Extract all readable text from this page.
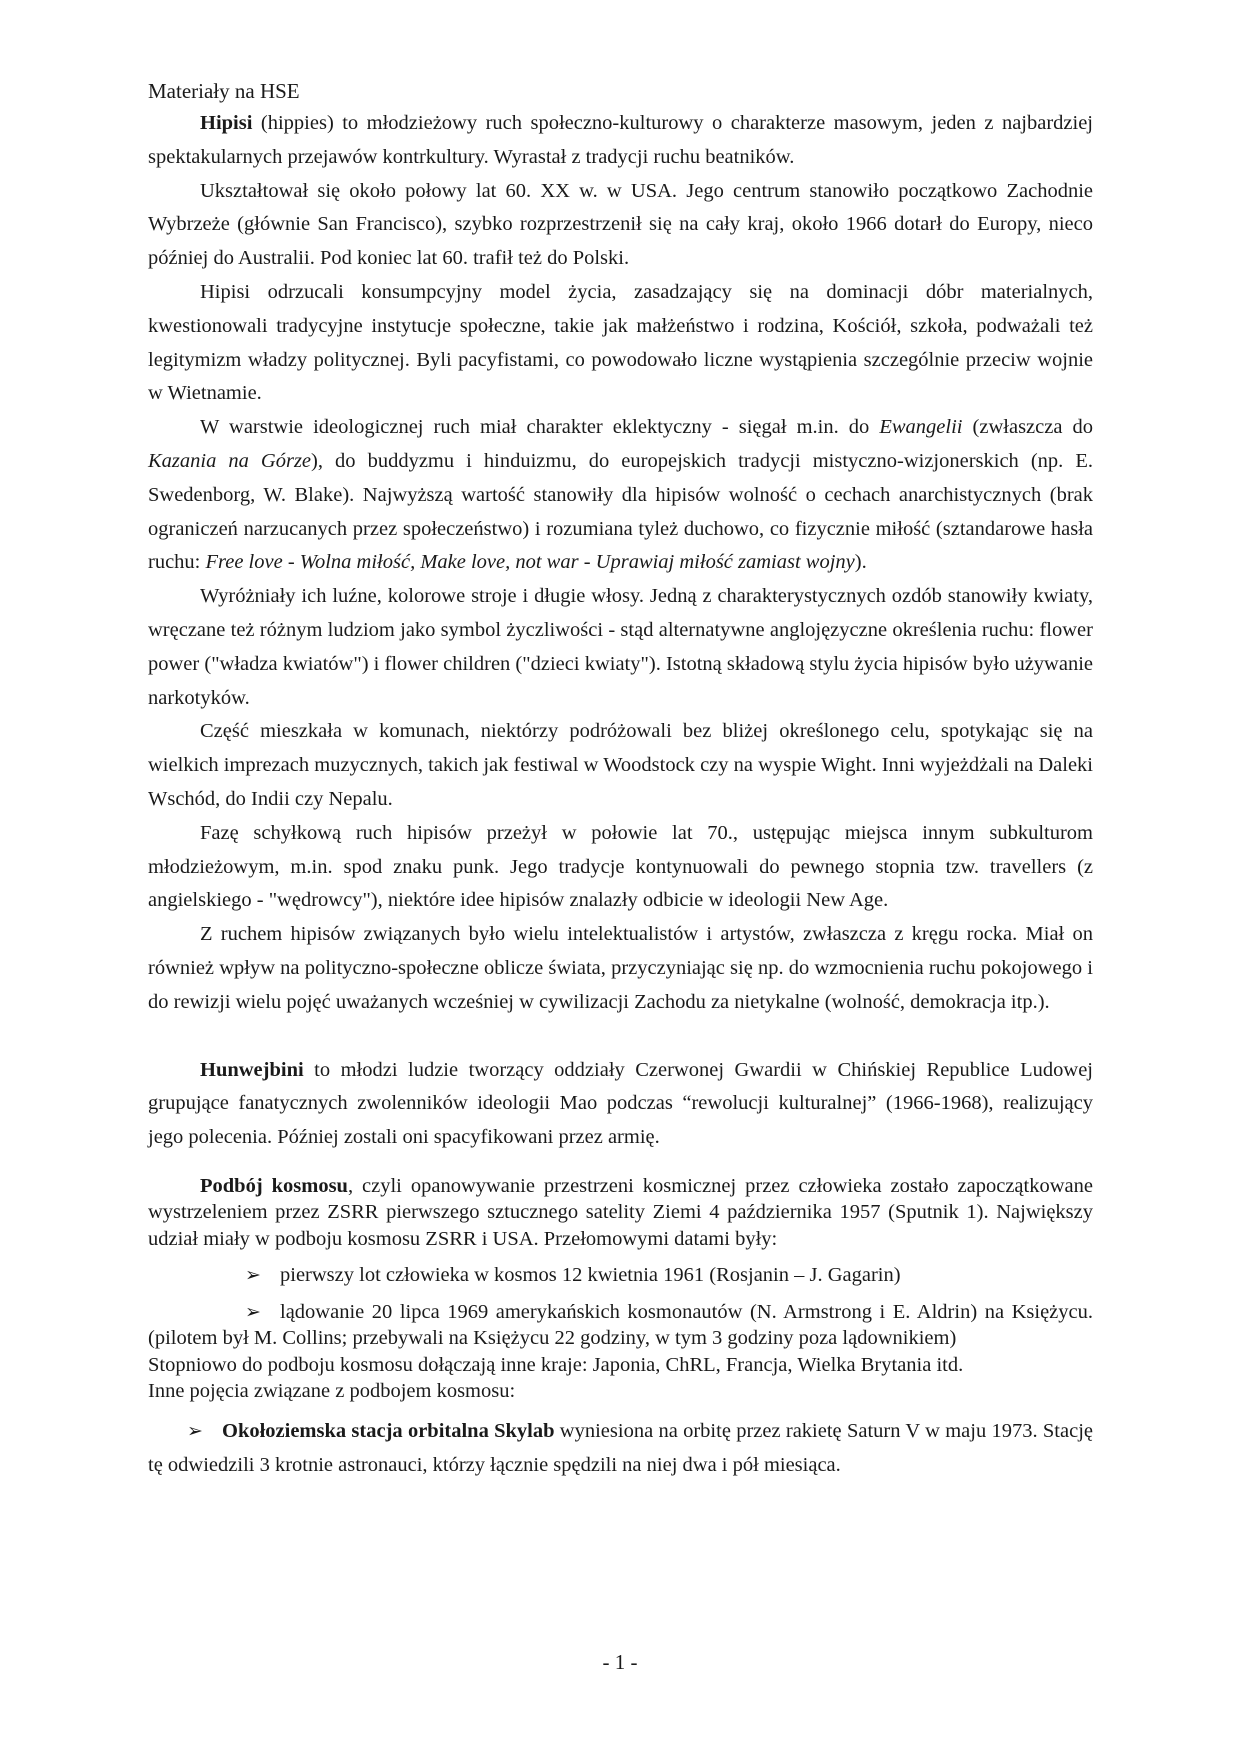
Materiały na HSE

Hipisi (hippies) to młodzieżowy ruch społeczno-kulturowy o charakterze masowym, jeden z najbardziej spektakularnych przejawów kontrkultury. Wyrastał z tradycji ruchu beatników.

Ukształtował się około połowy lat 60. XX w. w USA. Jego centrum stanowiło początkowo Zachodnie Wybrzeże (głównie San Francisco), szybko rozprzestrzenił się na cały kraj, około 1966 dotarł do Europy, nieco później do Australii. Pod koniec lat 60. trafił też do Polski.

Hipisi odrzucali konsumpcyjny model życia, zasadzający się na dominacji dóbr materialnych, kwestionowali tradycyjne instytucje społeczne, takie jak małżeństwo i rodzina, Kościół, szkoła, podważali też legitymizm władzy politycznej. Byli pacyfistami, co powodowało liczne wystąpienia szczególnie przeciw wojnie w Wietnamie.

W warstwie ideologicznej ruch miał charakter eklektyczny - sięgał m.in. do Ewangelii (zwłaszcza do Kazania na Górze), do buddyzmu i hinduizmu, do europejskich tradycji mistyczno-wizjonerskich (np. E. Swedenborg, W. Blake). Najwyższą wartość stanowiły dla hipisów wolność o cechach anarchistycznych (brak ograniczeń narzucanych przez społeczeństwo) i rozumiana tyleż duchowo, co fizycznie miłość (sztandarowe hasła ruchu: Free love - Wolna miłość, Make love, not war - Uprawiaj miłość zamiast wojny).

Wyróżniały ich luźne, kolorowe stroje i długie włosy. Jedną z charakterystycznych ozdób stanowiły kwiaty, wręczane też różnym ludziom jako symbol życzliwości - stąd alternatywne anglojęzyczne określenia ruchu: flower power ("władza kwiatów") i flower children ("dzieci kwiaty"). Istotną składową stylu życia hipisów było używanie narkotyków.

Część mieszkała w komunach, niektórzy podróżowali bez bliżej określonego celu, spotykając się na wielkich imprezach muzycznych, takich jak festiwal w Woodstock czy na wyspie Wight. Inni wyjeżdżali na Daleki Wschód, do Indii czy Nepalu.

Fazę schyłkową ruch hipisów przeżył w połowie lat 70., ustępując miejsca innym subkulturom młodzieżowym, m.in. spod znaku punk. Jego tradycje kontynuowali do pewnego stopnia tzw. travellers (z angielskiego - "wędrowcy"), niektóre idee hipisów znalazły odbicie w ideologii New Age.

Z ruchem hipisów związanych było wielu intelektualistów i artystów, zwłaszcza z kręgu rocka. Miał on również wpływ na polityczno-społeczne oblicze świata, przyczyniając się np. do wzmocnienia ruchu pokojowego i do rewizji wielu pojęć uważanych wcześniej w cywilizacji Zachodu za nietykalne (wolność, demokracja itp.).

Hunwejbini to młodzi ludzie tworzący oddziały Czerwonej Gwardii w Chińskiej Republice Ludowej grupujące fanatycznych zwolenników ideologii Mao podczas “rewolucji kulturalnej” (1966-1968), realizujący jego polecenia. Później zostali oni spacyfikowani przez armię.

Podbój kosmosu, czyli opanowywanie przestrzeni kosmicznej przez człowieka zostało zapoczątkowane wystrzeleniem przez ZSRR pierwszego sztucznego satelity Ziemi 4 października 1957 (Sputnik 1). Największy udział miały w podboju kosmosu ZSRR i USA. Przełomowymi datami były:

➢ pierwszy lot człowieka w kosmos 12 kwietnia 1961 (Rosjanin – J. Gagarin)
➢ lądowanie 20 lipca 1969 amerykańskich kosmonautów (N. Armstrong i E. Aldrin) na Księżycu. (pilotem był M. Collins; przebywali na Księżycu 22 godziny, w tym 3 godziny poza lądownikiem)

Stopniowo do podboju kosmosu dołączają inne kraje: Japonia, ChRL, Francja, Wielka Brytania itd.

Inne pojęcia związane z podbojem kosmosu:

➢ Okołoziemska stacja orbitalna Skylab wyniesiona na orbitę przez rakietę Saturn V w maju 1973. Stację tę odwiedzili 3 krotnie astronauci, którzy łącznie spędzili na niej dwa i pół miesiąca.
- 1 -
